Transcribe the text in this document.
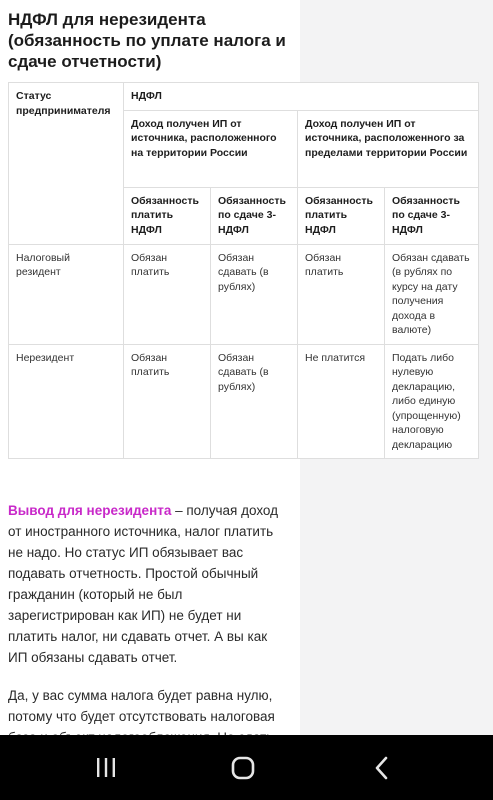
НДФЛ для нерезидента (обязанность по уплате налога и сдаче отчетности)
Статус предпринимателя	НДФЛ			
	Доход получен ИП от источника, расположенного на территории России		Доход получен ИП от источника, расположенного за пределами территории России	
	Обязанность платить НДФЛ	Обязанность по сдаче 3-НДФЛ	Обязанность платить НДФЛ	Обязанность по сдаче 3-НДФЛ
Налоговый резидент	Обязан платить	Обязан сдавать (в рублях)	Обязан платить	Обязан сдавать (в рублях по курсу на дату получения дохода в валюте)
Нерезидент	Обязан платить	Обязан сдавать (в рублях)	Не платится	Подать либо нулевую декларацию, либо единую (упрощенную) налоговую декларацию

Вывод для нерезидента – получая доход от иностранного источника, налог платить не надо. Но статус ИП обязывает вас подавать отчетность. Простой обычный гражданин (который не был зарегистрирован как ИП) не будет ни платить налог, ни сдавать отчет. А вы как ИП обязаны сдавать отчет.

Да, у вас сумма налога будет равна нулю, потому что будет отсутствовать налоговая
